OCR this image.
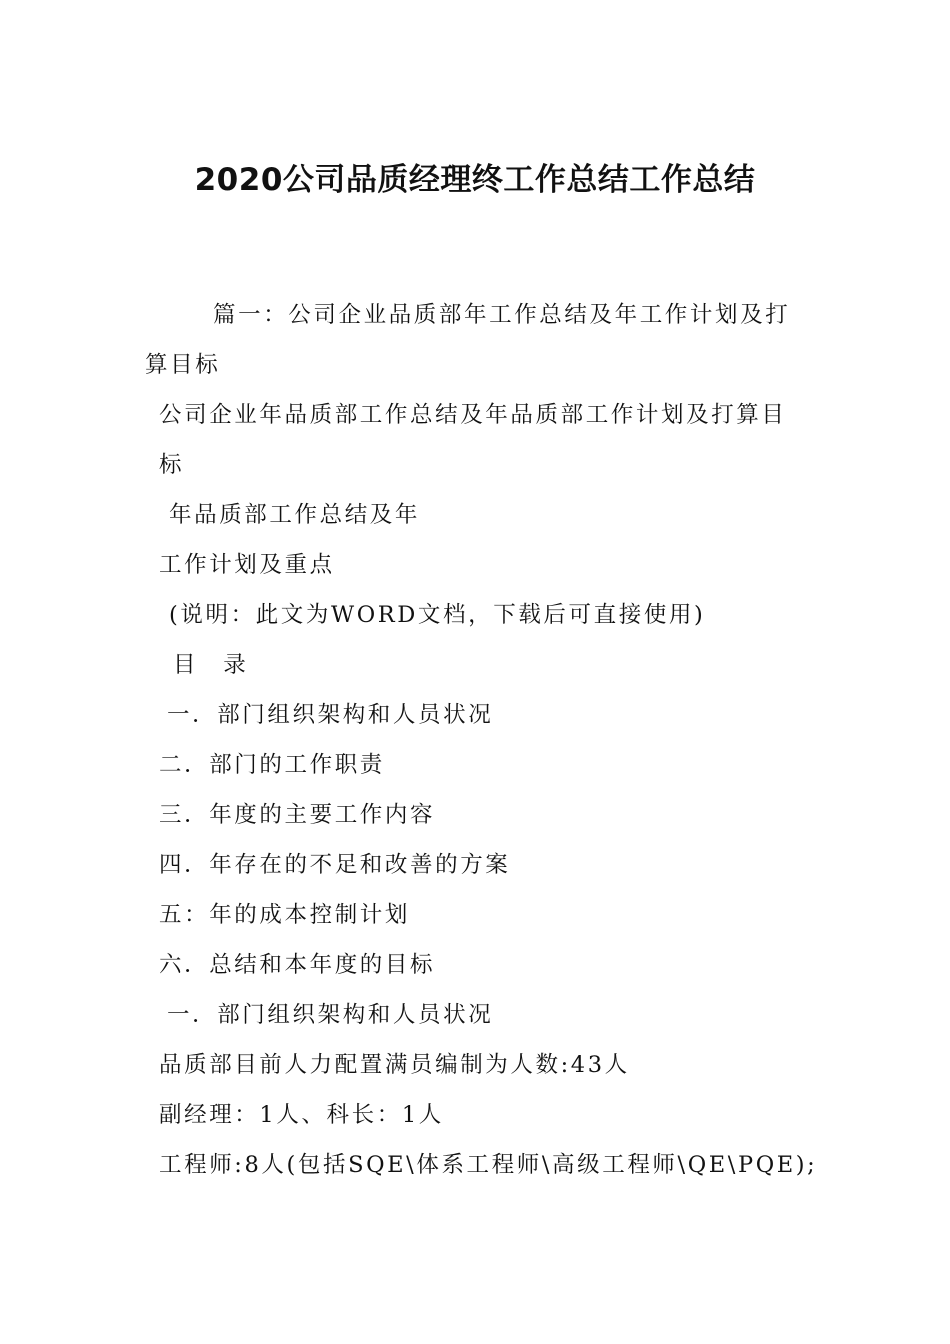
2020公司品质经理终工作总结工作总结

篇一：公司企业品质部年工作总结及年工作计划及打算目标

公司企业年品质部工作总结及年品质部工作计划及打算目标

年品质部工作总结及年

工作计划及重点

(说明：此文为WORD文档，下载后可直接使用)

目　录

一．部门组织架构和人员状况

二．部门的工作职责

三．年度的主要工作内容

四．年存在的不足和改善的方案

五：年的成本控制计划

六．总结和本年度的目标

一．部门组织架构和人员状况

品质部目前人力配置满员编制为人数:43人

副经理：1人、科长：1人

工程师:8人(包括SQE\体系工程师\高级工程师\QE\PQE);
